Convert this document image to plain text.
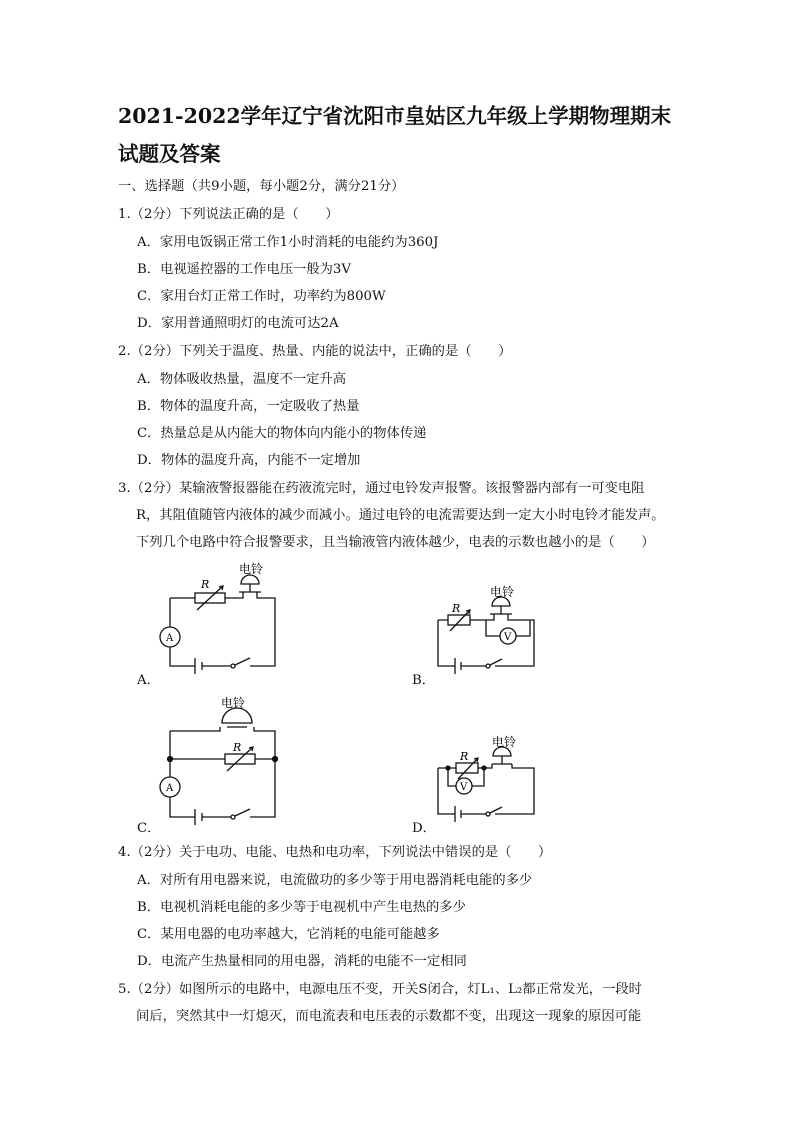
2021-2022学年辽宁省沈阳市皇姑区九年级上学期物理期末
试题及答案
一、选择题（共9小题，每小题2分，满分21分）
1.（2分）下列说法正确的是（　　）
A．家用电饭锅正常工作1小时消耗的电能约为360J
B．电视遥控器的工作电压一般为3V
C．家用台灯正常工作时，功率约为800W
D．家用普通照明灯的电流可达2A
2.（2分）下列关于温度、热量、内能的说法中，正确的是（　　）
A．物体吸收热量，温度不一定升高
B．物体的温度升高，一定吸收了热量
C．热量总是从内能大的物体向内能小的物体传递
D．物体的温度升高，内能不一定增加
3.（2分）某输液警报器能在药液流完时，通过电铃发声报警。该报警器内部有一可变电阻
R，其阻值随管内液体的减少而减小。通过电铃的电流需要达到一定大小时电铃才能发声。
下列几个电路中符合报警要求，且当输液管内液体越少，电表的示数也越小的是（　　）
R
电铃
A
A．
R
电铃
V
B．
电铃
R
A
C．
R
电铃
V
D．
4.（2分）关于电功、电能、电热和电功率，下列说法中错误的是（　　）
A．对所有用电器来说，电流做功的多少等于用电器消耗电能的多少
B．电视机消耗电能的多少等于电视机中产生电热的多少
C．某用电器的电功率越大，它消耗的电能可能越多
D．电流产生热量相同的用电器，消耗的电能不一定相同
5.（2分）如图所示的电路中，电源电压不变，开关S闭合，灯L₁、L₂都正常发光，一段时
间后，突然其中一灯熄灭，而电流表和电压表的示数都不变，出现这一现象的原因可能
